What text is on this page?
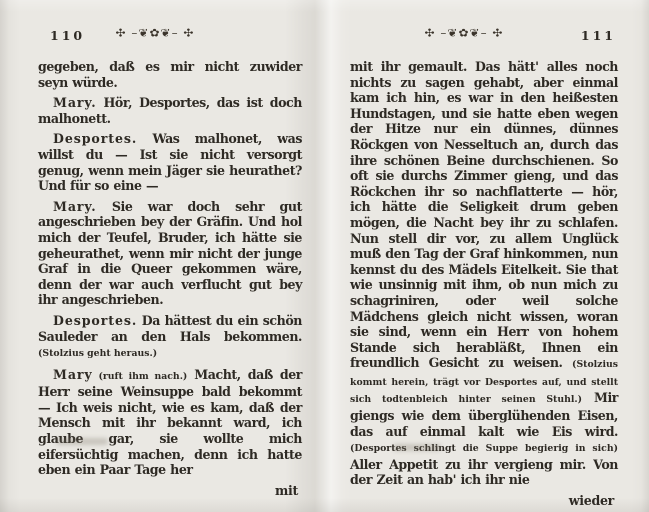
110	✣ –❦✿❦– ✣

gegeben, daß es mir nicht zuwider seyn würde.

Mary. Hör, Desportes, das ist doch malhonett.

Desportes. Was malhonet, was willst du — Ist sie nicht versorgt genug, wenn mein Jäger sie heurathet? Und für so eine —

Mary. Sie war doch sehr gut angeschrieben bey der Gräfin. Und hol mich der Teufel, Bruder, ich hätte sie geheurathet, wenn mir nicht der junge Graf in die Queer gekommen wäre, denn der war auch verflucht gut bey ihr angeschrieben.

Desportes. Da hättest du ein schön Sauleder an den Hals bekommen. (Stolzius geht heraus.)

Mary (ruft ihm nach.) Macht, daß der Herr seine Weinsuppe bald bekommt — Ich weis nicht, wie es kam, daß der Mensch mit ihr bekannt ward, ich glaube gar, sie wollte mich eifersüchtig machen, denn ich hatte eben ein Paar Tage her

mit
✣ –❦✿❦– ✣	111

mit ihr gemault. Das hätt' alles noch nichts zu sagen gehabt, aber einmal kam ich hin, es war in den heißesten Hundstagen, und sie hatte eben wegen der Hitze nur ein dünnes, dünnes Röckgen von Nesseltuch an, durch das ihre schönen Beine durchschienen. So oft sie durchs Zimmer gieng, und das Röckchen ihr so nachflatterte — hör, ich hätte die Seligkeit drum geben mögen, die Nacht bey ihr zu schlafen. Nun stell dir vor, zu allem Unglück muß den Tag der Graf hinkommen, nun kennst du des Mädels Eitelkeit. Sie that wie unsinnig mit ihm, ob nun mich zu schagriniren, oder weil solche Mädchens gleich nicht wissen, woran sie sind, wenn ein Herr von hohem Stande sich herabläßt, Ihnen ein freundlich Gesicht zu weisen. (Stolzius kommt herein, trägt vor Desportes auf, und stellt sich todtenbleich hinter seinen Stuhl.) Mir giengs wie dem überglühenden Eisen, das auf einmal kalt wie Eis wird. (Desportes schlingt die Suppe begierig in sich) Aller Appetit zu ihr vergieng mir. Von der Zeit an hab' ich ihr nie

wieder
